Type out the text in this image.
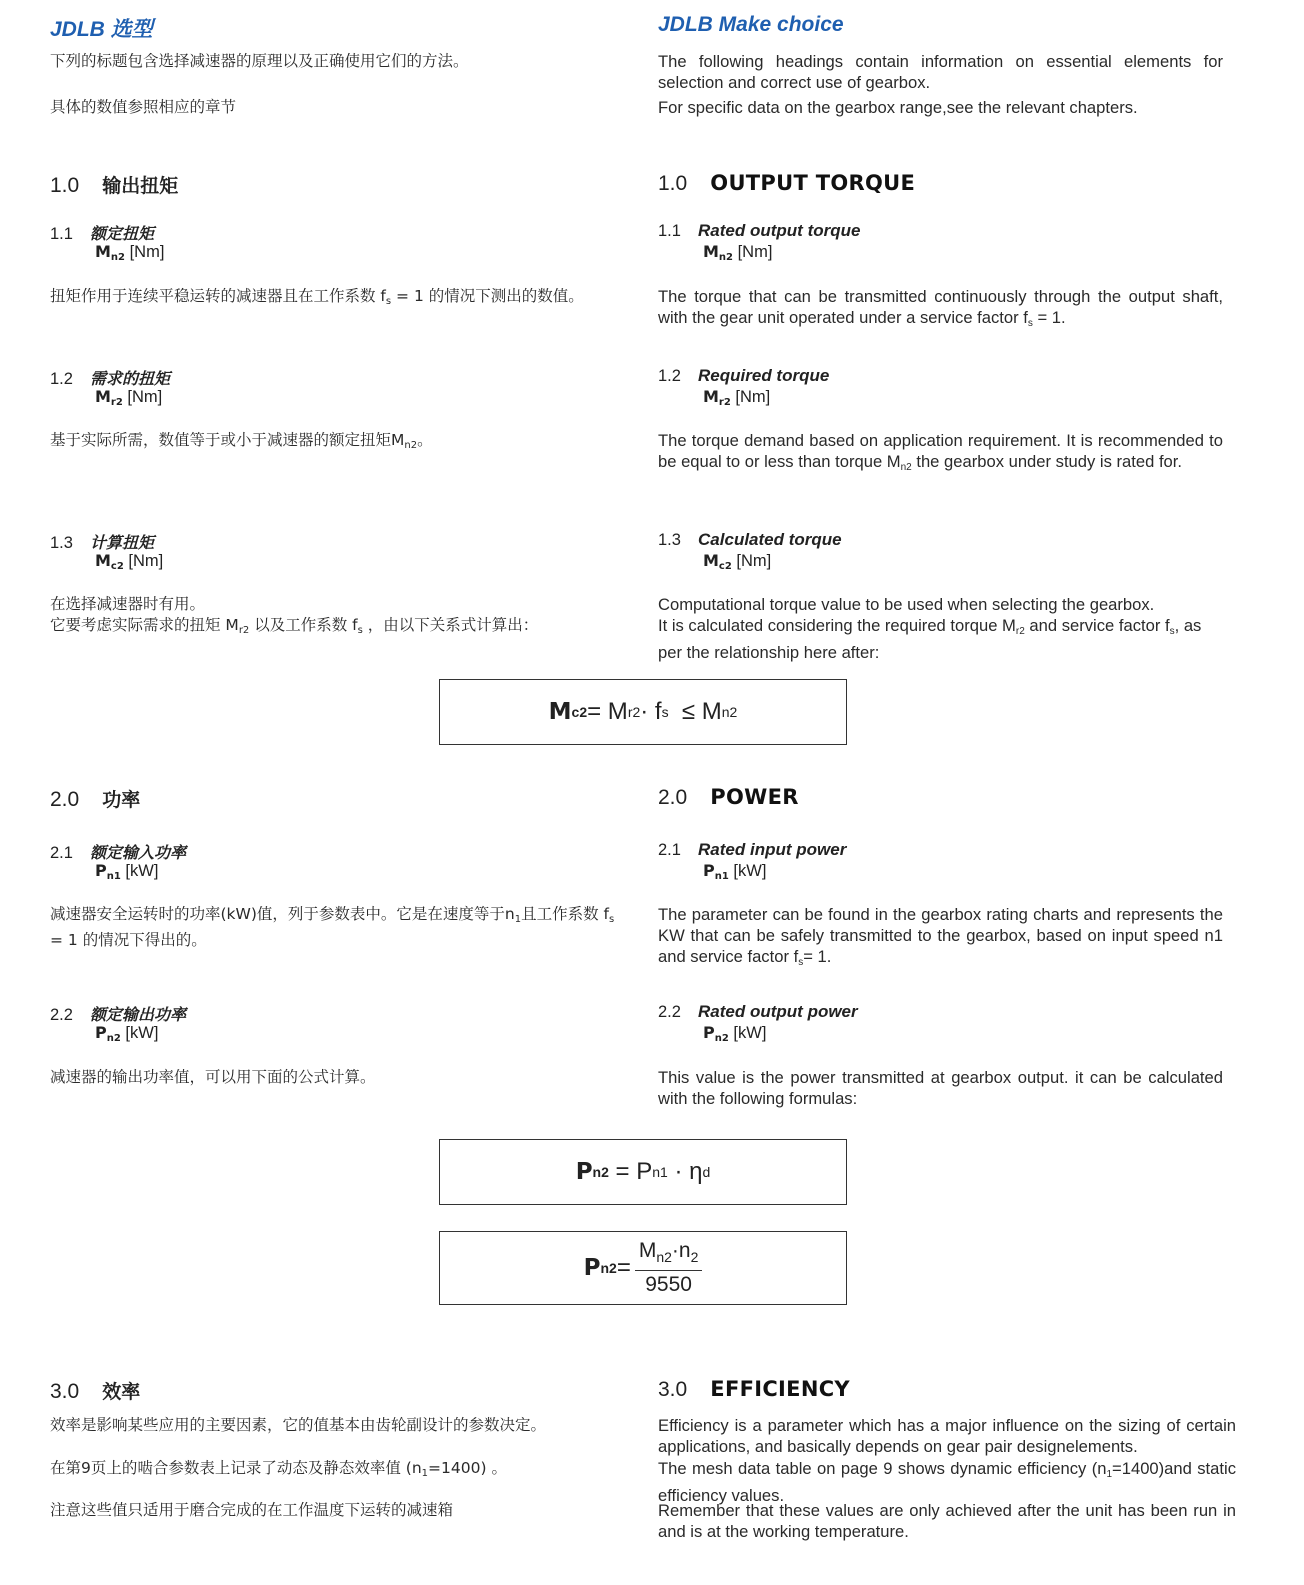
JDLB 选型	JDLB Make choice
下列的标题包含选择减速器的原理以及正确使用它们的方法。
具体的数值参照相应的章节
The following headings contain information on essential elements for selection and correct use of gearbox.
For specific data on the gearbox range,see the relevant chapters.
1.0 输出扭矩	1.0 OUTPUT TORQUE
1.1 额定扭矩
$M_{n2}$ [Nm]
1.1 Rated output torque
$M_{n2}$ [Nm]
扭矩作用于连续平稳运转的减速器且在工作系数 $f_s = 1$ 的情况下测出的数值。	The torque that can be transmitted continuously through the output shaft, with the gear unit operated under a service factor $f_s = 1$.
1.2 需求的扭矩
$M_{r2}$ [Nm]
1.2 Required torque
$M_{r2}$ [Nm]
基于实际所需，数值等于或小于减速器的额定扭矩$M_{n2}$。	The torque demand based on application requirement. It is recommended to be equal to or less than torque $M_{n2}$ the gearbox under study is rated for.
1.3 计算扭矩
$M_{c2}$ [Nm]
1.3 Calculated torque
$M_{c2}$ [Nm]
在选择减速器时有用。
它要考虑实际需求的扭矩 $M_{r2}$ 以及工作系数 $f_s$ ，由以下关系式计算出：
Computational torque value to be used when selecting the gearbox.
It is calculated considering the required torque $M_{r2}$ and service factor $f_s$, as per the relationship here after:
M c2 = M r2 · f s ≤ M n2
2.0 功率	2.0 POWER
2.1 额定输入功率
$P_{n1}$ [kW]
2.1 Rated input power
$P_{n1}$ [kW]
减速器安全运转时的功率(kW)值，列于参数表中。它是在速度等于$n_1$且工作系数 $f_s = 1$ 的情况下得出的。
The parameter can be found in the gearbox rating charts and represents the KW that can be safely transmitted to the gearbox, based on input speed n1 and service factor $f_s= 1$.
2.2 额定输出功率
$P_{n2}$ [kW]
2.2 Rated output power
$P_{n2}$ [kW]
减速器的输出功率值，可以用下面的公式计算。	This value is the power transmitted at gearbox output. it can be calculated with the following formulas:
P n2 = P n1 · η d
P $n2 = \frac{M_{n2}\cdot n_2}{9550}$
3.0 效率	3.0 EFFICIENCY
效率是影响某些应用的主要因素，它的值基本由齿轮副设计的参数决定。
在第9页上的啮合参数表上记录了动态及静态效率值 $(n_1=1400)$ 。
注意这些值只适用于磨合完成的在工作温度下运转的减速箱
Efficiency is a parameter which has a major influence on the sizing of certain applications, and basically depends on gear pair designelements.
The mesh data table on page 9 shows dynamic efficiency $(n_1=1400)and$ static efficiency values.
Remember that these values are only achieved after the unit has been run in and is at the working temperature.
